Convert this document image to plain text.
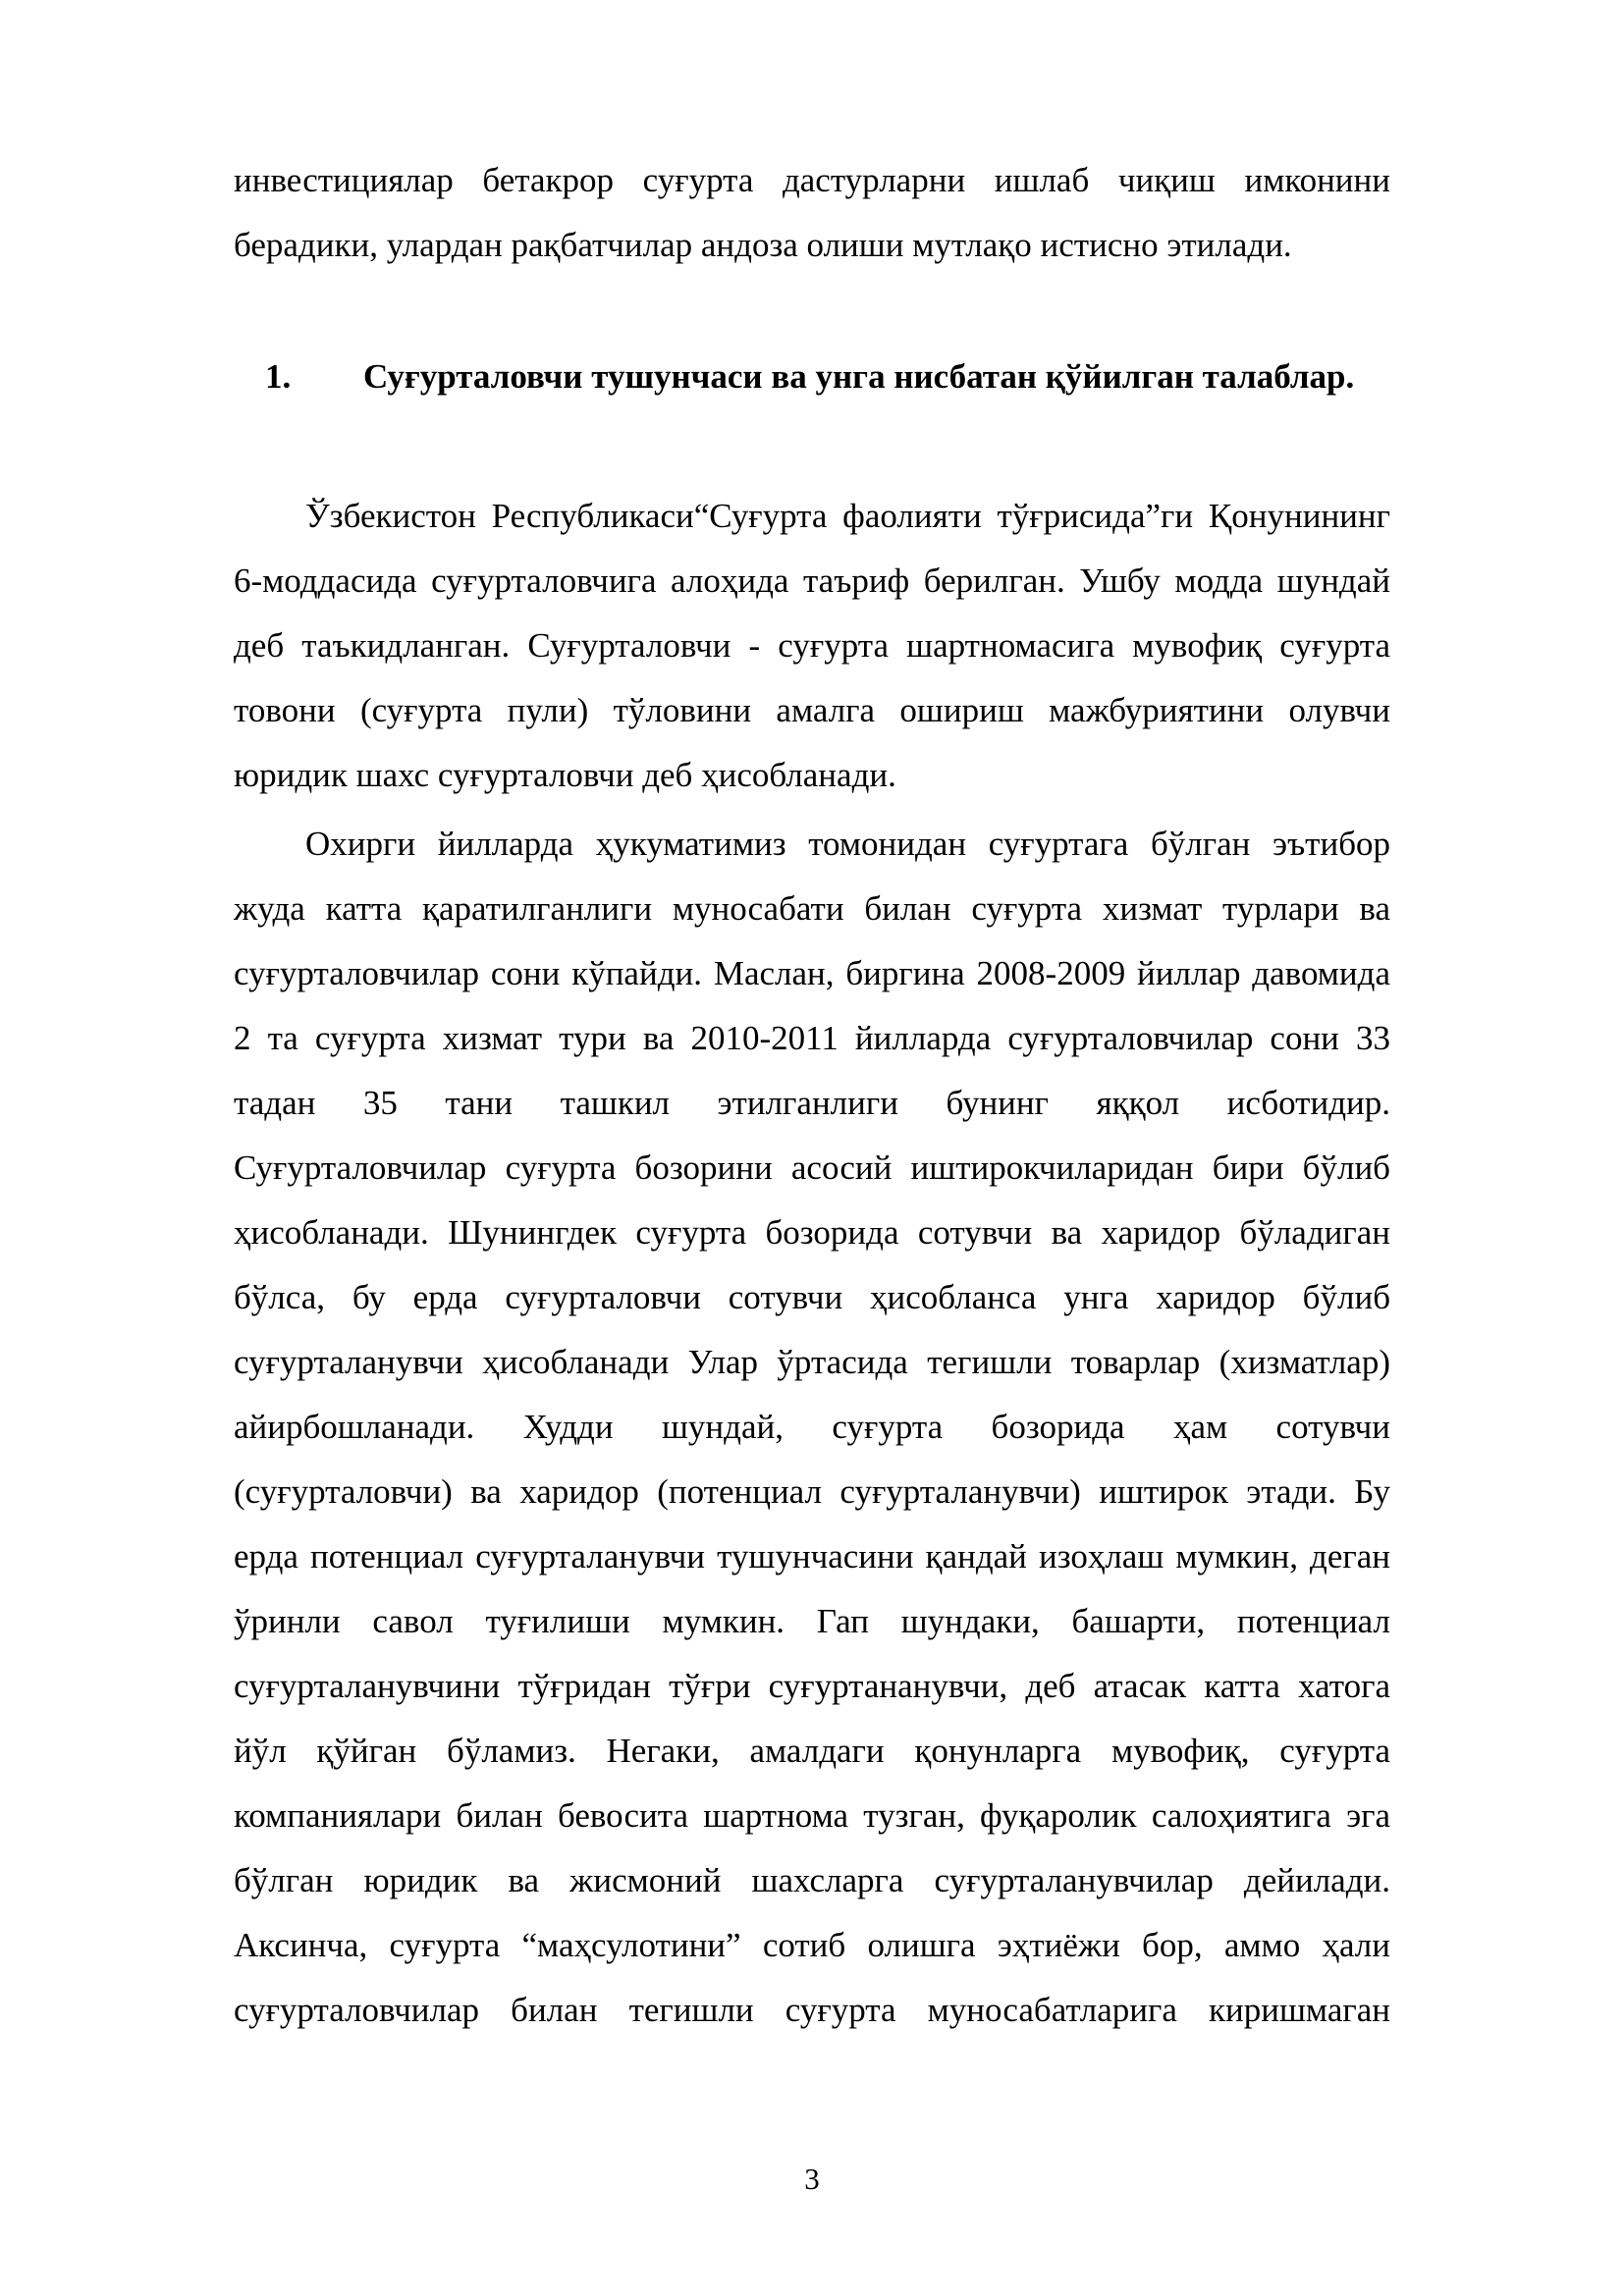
инвестициялар бетакрор суғурта дастурларни ишлаб чиқиш имконини
берадики, улардан рақбатчилар андоза олиши мутлақо истисно этилади.
1. Суғурталовчи тушунчаси ва унга нисбатан қўйилган талаблар.
Ўзбекистон Республикаси“Суғурта фаолияти тўғрисида”ги Қонунининг
6-моддасида суғурталовчига алоҳида таъриф берилган. Ушбу модда шундай
деб таъкидланган. Суғурталовчи - суғурта шартномасига мувофиқ суғурта
товони (суғурта пули) тўловини амалга ошириш мажбуриятини олувчи
юридик шахс суғурталовчи деб ҳисобланади.
Охирги йилларда ҳукуматимиз томонидан суғуртага бўлган эътибор
жуда катта қаратилганлиги муносабати билан суғурта хизмат турлари ва
суғурталовчилар сони кўпайди. Маслан, биргина 2008-2009 йиллар давомида
2 та суғурта хизмат тури ва 2010-2011 йилларда суғурталовчилар сони 33
тадан 35 тани ташкил этилганлиги бунинг яққол исботидир.
Суғурталовчилар суғурта бозорини асосий иштирокчиларидан бири бўлиб
ҳисобланади. Шунингдек суғурта бозорида сотувчи ва харидор бўладиган
бўлса, бу ерда суғурталовчи сотувчи ҳисобланса унга харидор бўлиб
суғурталанувчи ҳисобланади Улар ўртасида тегишли товарлар (хизматлар)
айирбошланади. Худди шундай, суғурта бозорида ҳам сотувчи
(суғурталовчи) ва харидор (потенциал суғурталанувчи) иштирок этади. Бу
ерда потенциал суғурталанувчи тушунчасини қандай изоҳлаш мумкин, деган
ўринли савол туғилиши мумкин. Гап шундаки, башарти, потенциал
суғурталанувчини тўғридан тўғри суғуртананувчи, деб атасак катта хатога
йўл қўйган бўламиз. Негаки, амалдаги қонунларга мувофиқ, суғурта
компаниялари билан бевосита шартнома тузган, фуқаролик салоҳиятига эга
бўлган юридик ва жисмоний шахсларга суғурталанувчилар дейилади.
Аксинча, суғурта “маҳсулотини” сотиб олишга эҳтиёжи бор, аммо ҳали
суғурталовчилар билан тегишли суғурта муносабатларига киришмаган
3
